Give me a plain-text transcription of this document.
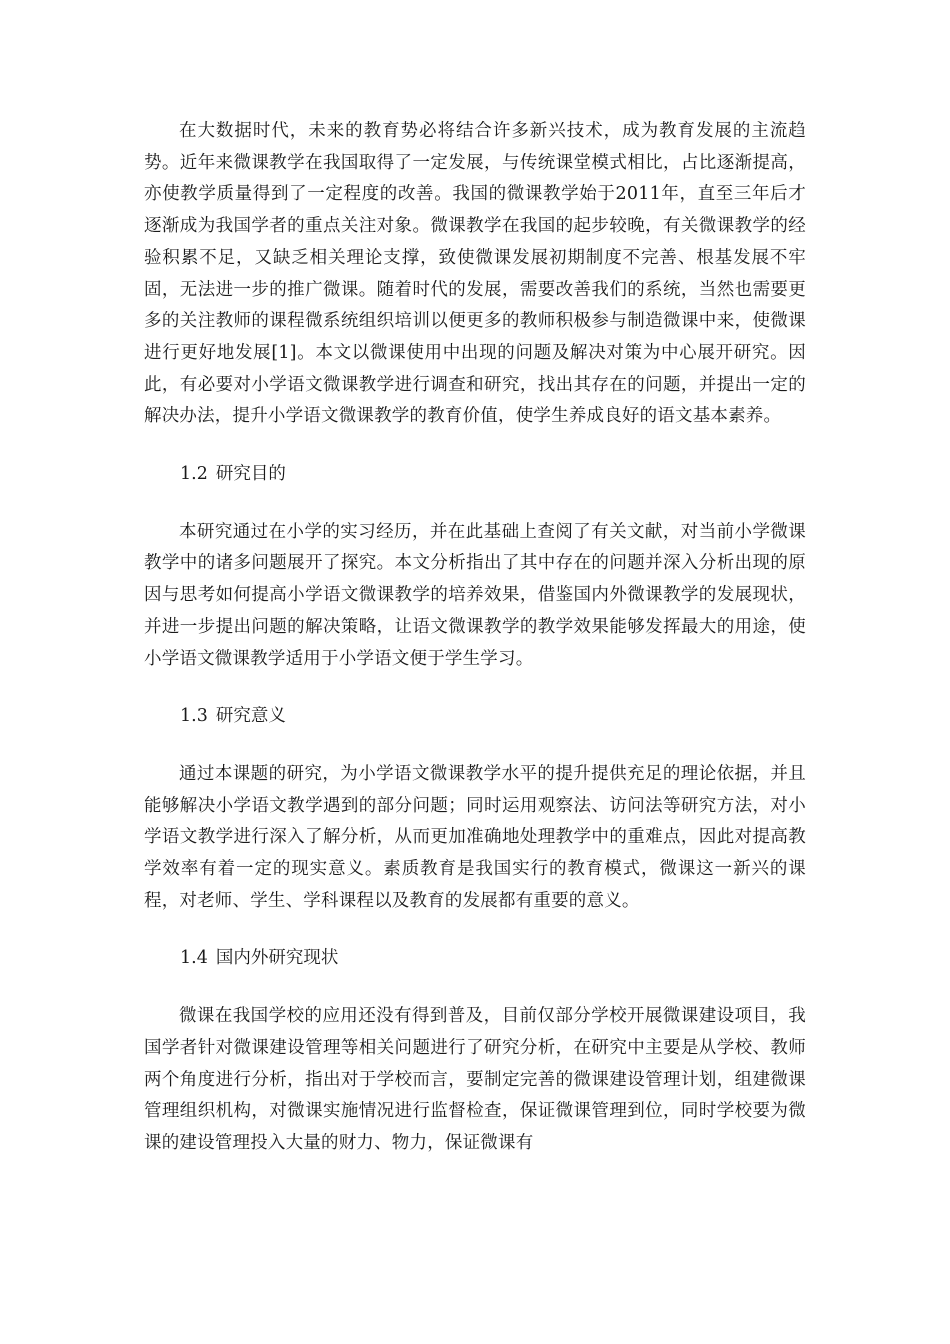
在大数据时代，未来的教育势必将结合许多新兴技术，成为教育发展的主流趋势。近年来微课教学在我国取得了一定发展，与传统课堂模式相比，占比逐渐提高，亦使教学质量得到了一定程度的改善。我国的微课教学始于2011年，直至三年后才逐渐成为我国学者的重点关注对象。微课教学在我国的起步较晚，有关微课教学的经验积累不足，又缺乏相关理论支撑，致使微课发展初期制度不完善、根基发展不牢固，无法进一步的推广微课。随着时代的发展，需要改善我们的系统，当然也需要更多的关注教师的课程微系统组织培训以便更多的教师积极参与制造微课中来，使微课进行更好地发展[1]。本文以微课使用中出现的问题及解决对策为中心展开研究。因此，有必要对小学语文微课教学进行调查和研究，找出其存在的问题，并提出一定的解决办法，提升小学语文微课教学的教育价值，使学生养成良好的语文基本素养。

1.2 研究目的

本研究通过在小学的实习经历，并在此基础上查阅了有关文献，对当前小学微课教学中的诸多问题展开了探究。本文分析指出了其中存在的问题并深入分析出现的原因与思考如何提高小学语文微课教学的培养效果，借鉴国内外微课教学的发展现状，并进一步提出问题的解决策略，让语文微课教学的教学效果能够发挥最大的用途，使小学语文微课教学适用于小学语文便于学生学习。

1.3 研究意义

通过本课题的研究，为小学语文微课教学水平的提升提供充足的理论依据，并且能够解决小学语文教学遇到的部分问题；同时运用观察法、访问法等研究方法，对小学语文教学进行深入了解分析，从而更加准确地处理教学中的重难点，因此对提高教学效率有着一定的现实意义。素质教育是我国实行的教育模式，微课这一新兴的课程，对老师、学生、学科课程以及教育的发展都有重要的意义。

1.4 国内外研究现状

微课在我国学校的应用还没有得到普及，目前仅部分学校开展微课建设项目，我国学者针对微课建设管理等相关问题进行了研究分析，在研究中主要是从学校、教师两个角度进行分析，指出对于学校而言，要制定完善的微课建设管理计划，组建微课管理组织机构，对微课实施情况进行监督检查，保证微课管理到位，同时学校要为微课的建设管理投入大量的财力、物力，保证微课有
